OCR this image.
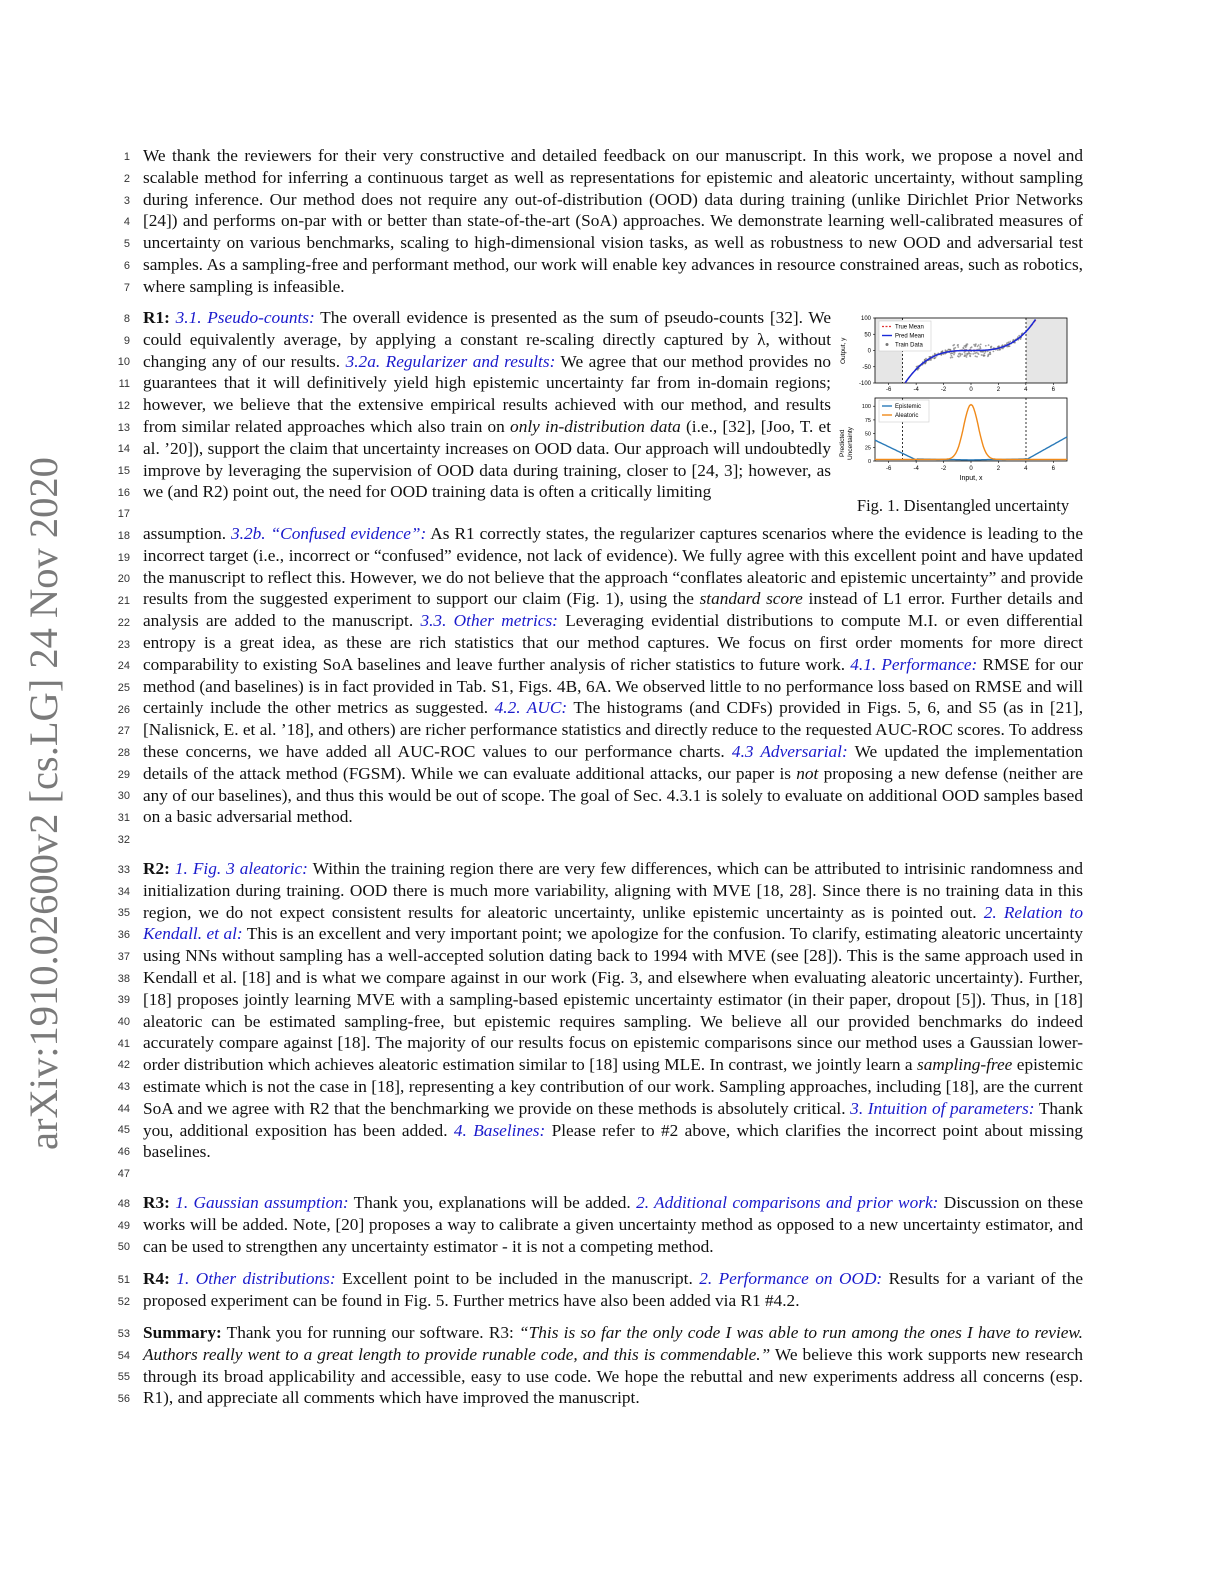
arXiv:1910.02600v2 [cs.LG] 24 Nov 2020
1
2
3
4
5
6
7
8
9
10
11
12
13
14
15
16
17
18
19
20
21
22
23
24
25
26
27
28
29
30
31
32
33
34
35
36
37
38
39
40
41
42
43
44
45
46
47
48
49
50
51
52
53
54
55
56
We thank the reviewers for their very constructive and detailed feedback on our manuscript. In this work, we propose a novel and scalable method for inferring a continuous target as well as representations for epistemic and aleatoric uncertainty, without sampling during inference. Our method does not require any out-of-distribution (OOD) data during training (unlike Dirichlet Prior Networks [24]) and performs on-par with or better than state-of-the-art (SoA) approaches. We demonstrate learning well-calibrated measures of uncertainty on various benchmarks, scaling to high-dimensional vision tasks, as well as robustness to new OOD and adversarial test samples. As a sampling-free and performant method, our work will enable key advances in resource constrained areas, such as robotics, where sampling is infeasible.
R1: 3.1. Pseudo-counts: The overall evidence is presented as the sum of pseudo-counts [32]. We could equivalently average, by applying a constant re-scaling directly captured by λ, without changing any of our results. 3.2a. Regularizer and results: We agree that our method provides no guarantees that it will definitively yield high epistemic uncertainty far from in-domain regions; however, we believe that the extensive empirical results achieved with our method, and results from similar related approaches which also train on only in-distribution data (i.e., [32], [Joo, T. et al. ’20]), support the claim that uncertainty increases on OOD data. Our approach will undoubtedly improve by leveraging the supervision of OOD data during training, closer to [24, 3]; however, as we (and R2) point out, the need for OOD training data is often a critically limiting
assumption. 3.2b. “Confused evidence”: As R1 correctly states, the regularizer captures scenarios where the evidence is leading to the incorrect target (i.e., incorrect or “confused” evidence, not lack of evidence). We fully agree with this excellent point and have updated the manuscript to reflect this. However, we do not believe that the approach “conflates aleatoric and epistemic uncertainty” and provide results from the suggested experiment to support our claim (Fig. 1), using the standard score instead of L1 error. Further details and analysis are added to the manuscript. 3.3. Other metrics: Leveraging evidential distributions to compute M.I. or even differential entropy is a great idea, as these are rich statistics that our method captures. We focus on first order moments for more direct comparability to existing SoA baselines and leave further analysis of richer statistics to future work. 4.1. Performance: RMSE for our method (and baselines) is in fact provided in Tab. S1, Figs. 4B, 6A. We observed little to no performance loss based on RMSE and will certainly include the other metrics as suggested. 4.2. AUC: The histograms (and CDFs) provided in Figs. 5, 6, and S5 (as in [21], [Nalisnick, E. et al. ’18], and others) are richer performance statistics and directly reduce to the requested AUC-ROC scores. To address these concerns, we have added all AUC-ROC values to our performance charts. 4.3 Adversarial: We updated the implementation details of the attack method (FGSM). While we can evaluate additional attacks, our paper is not proposing a new defense (neither are any of our baselines), and thus this would be out of scope. The goal of Sec. 4.3.1 is solely to evaluate on additional OOD samples based on a basic adversarial method.
R2: 1. Fig. 3 aleatoric: Within the training region there are very few differences, which can be attributed to intrisinic randomness and initialization during training. OOD there is much more variability, aligning with MVE [18, 28]. Since there is no training data in this region, we do not expect consistent results for aleatoric uncertainty, unlike epistemic uncertainty as is pointed out. 2. Relation to Kendall. et al: This is an excellent and very important point; we apologize for the confusion. To clarify, estimating aleatoric uncertainty using NNs without sampling has a well-accepted solution dating back to 1994 with MVE (see [28]). This is the same approach used in Kendall et al. [18] and is what we compare against in our work (Fig. 3, and elsewhere when evaluating aleatoric uncertainty). Further, [18] proposes jointly learning MVE with a sampling-based epistemic uncertainty estimator (in their paper, dropout [5]). Thus, in [18] aleatoric can be estimated sampling-free, but epistemic requires sampling. We believe all our provided benchmarks do indeed accurately compare against [18]. The majority of our results focus on epistemic comparisons since our method uses a Gaussian lower-order distribution which achieves aleatoric estimation similar to [18] using MLE. In contrast, we jointly learn a sampling-free epistemic estimate which is not the case in [18], representing a key contribution of our work. Sampling approaches, including [18], are the current SoA and we agree with R2 that the benchmarking we provide on these methods is absolutely critical. 3. Intuition of parameters: Thank you, additional exposition has been added. 4. Baselines: Please refer to #2 above, which clarifies the incorrect point about missing baselines.
R3: 1. Gaussian assumption: Thank you, explanations will be added. 2. Additional comparisons and prior work: Discussion on these works will be added. Note, [20] proposes a way to calibrate a given uncertainty method as opposed to a new uncertainty estimator, and can be used to strengthen any uncertainty estimator - it is not a competing method.
R4: 1. Other distributions: Excellent point to be included in the manuscript. 2. Performance on OOD: Results for a variant of the proposed experiment can be found in Fig. 5. Further metrics have also been added via R1 #4.2.
Summary: Thank you for running our software. R3: “This is so far the only code I was able to run among the ones I have to review. Authors really went to a great length to provide runable code, and this is commendable.” We believe this work supports new research through its broad applicability and accessible, easy to use code. We hope the rebuttal and new experiments address all concerns (esp. R1), and appreciate all comments which have improved the manuscript.
True Mean
Pred Mean
Train Data
100
50
0
-50
-100
-6	-4	-2	0	2	4	6
Output, y
Epistemic
Aleatoric
100
75
50
25
0
-6	-4	-2	0	2	4	6
Predicted Uncertainty
Input, x
Fig. 1. Disentangled uncertainty
